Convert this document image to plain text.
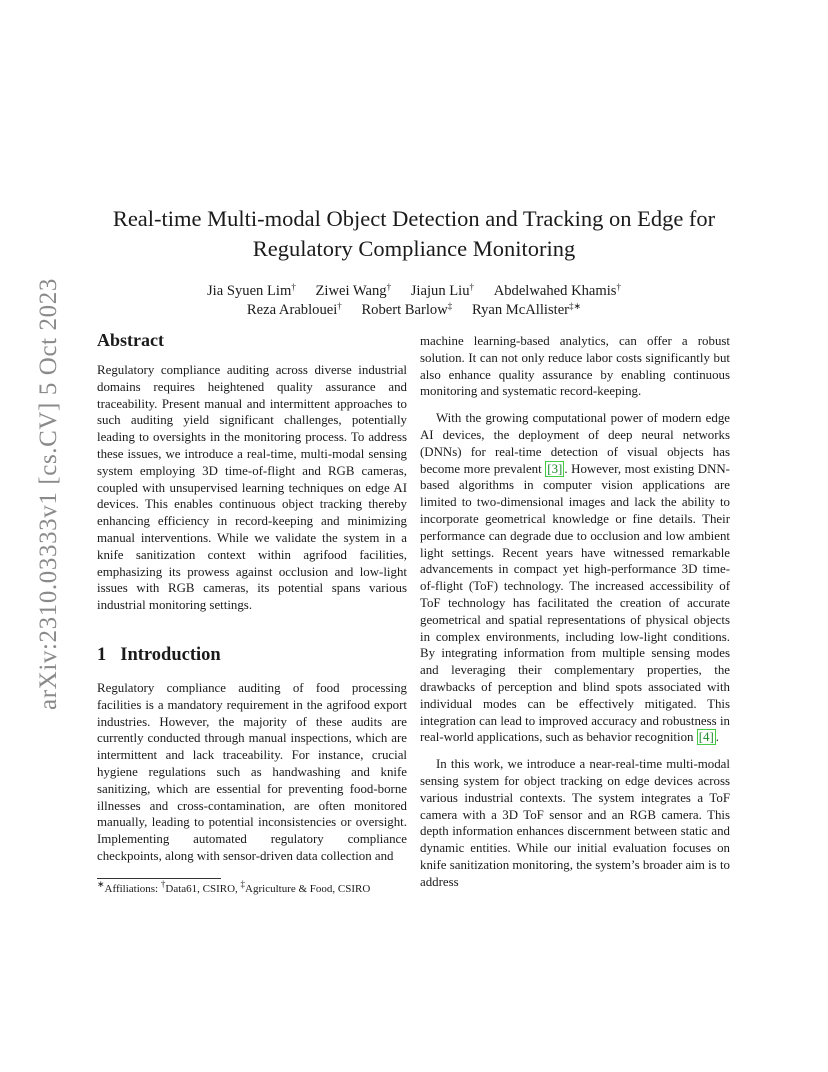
arXiv:2310.03333v1 [cs.CV] 5 Oct 2023
Real-time Multi-modal Object Detection and Tracking on Edge for
Regulatory Compliance Monitoring
Jia Syuen Lim† Ziwei Wang† Jiajun Liu† Abdelwahed Khamis†
Reza Arablouei† Robert Barlow‡ Ryan McAllister‡∗
Abstract

Regulatory compliance auditing across diverse industrial domains requires heightened quality assurance and traceability. Present manual and intermittent approaches to such auditing yield significant challenges, potentially leading to oversights in the monitoring process. To address these issues, we introduce a real-time, multi-modal sensing system employing 3D time-of-flight and RGB cameras, coupled with unsupervised learning techniques on edge AI devices. This enables continuous object tracking thereby enhancing efficiency in record-keeping and minimizing manual interventions. While we validate the system in a knife sanitization context within agrifood facilities, emphasizing its prowess against occlusion and low-light issues with RGB cameras, its potential spans various industrial monitoring settings.

1 Introduction

Regulatory compliance auditing of food processing facilities is a mandatory requirement in the agrifood export industries. However, the majority of these audits are currently conducted through manual inspections, which are intermittent and lack traceability. For instance, crucial hygiene regulations such as handwashing and knife sanitizing, which are essential for preventing food-borne illnesses and cross-contamination, are often monitored manually, leading to potential inconsistencies or oversight. Implementing automated regulatory compliance checkpoints, along with sensor-driven data collection and

machine learning-based analytics, can offer a robust solution. It can not only reduce labor costs significantly but also enhance quality assurance by enabling continuous monitoring and systematic record-keeping.

With the growing computational power of modern edge AI devices, the deployment of deep neural networks (DNNs) for real-time detection of visual objects has become more prevalent [3] . However, most existing DNN-based algorithms in computer vision applications are limited to two-dimensional images and lack the ability to incorporate geometrical knowledge or fine details. Their performance can degrade due to occlusion and low ambient light settings. Recent years have witnessed remarkable advancements in compact yet high-performance 3D time-of-flight (ToF) technology. The increased accessibility of ToF technology has facilitated the creation of accurate geometrical and spatial representations of physical objects in complex environments, including low-light conditions. By integrating information from multiple sensing modes and leveraging their complementary properties, the drawbacks of perception and blind spots associated with individual modes can be effectively mitigated. This integration can lead to improved accuracy and robustness in real-world applications, such as behavior recognition [4] .

In this work, we introduce a near-real-time multi-modal sensing system for object tracking on edge devices across various industrial contexts. The system integrates a ToF camera with a 3D ToF sensor and an RGB camera. This depth information enhances discernment between static and dynamic entities. While our initial evaluation focuses on knife sanitization monitoring, the system’s broader aim is to address

∗Affiliations: †Data61, CSIRO, ‡Agriculture & Food, CSIRO
